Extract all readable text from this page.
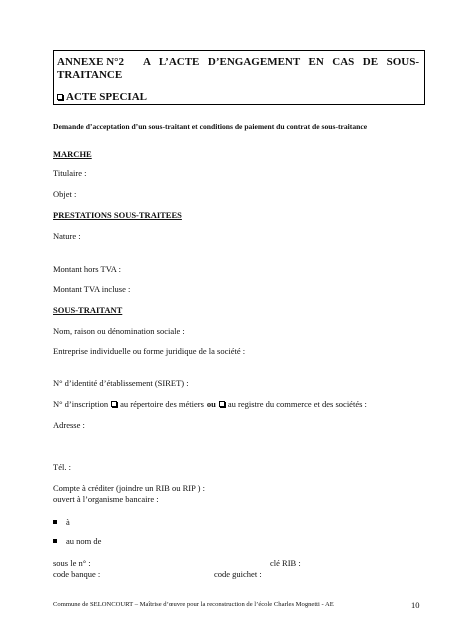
ANNEXE N°2 A L’ACTE D’ENGAGEMENT EN CAS DE SOUS-
TRAITANCE
ACTE SPECIAL
Demande d’acceptation d’un sous-traitant et conditions de paiement du contrat de sous-traitance
MARCHE
Titulaire :
Objet :
PRESTATIONS SOUS-TRAITEES
Nature :
Montant hors TVA :
Montant TVA incluse :
SOUS-TRAITANT
Nom, raison ou dénomination sociale :
Entreprise individuelle ou forme juridique de la société :
N° d’identité d’établissement (SIRET) :
N° d’inscription au répertoire des métiers ou au registre du commerce et des sociétés :
Adresse :
Tél. :
Compte à créditer (joindre un RIB ou RIP ) :
ouvert à l’organisme bancaire :
à
au nom de
sous le n° :	clé RIB :
code banque :	code guichet :
Commune de SELONCOURT – Maîtrise d’œuvre pour la reconstruction de l’école Charles Mognetti - AE	10
